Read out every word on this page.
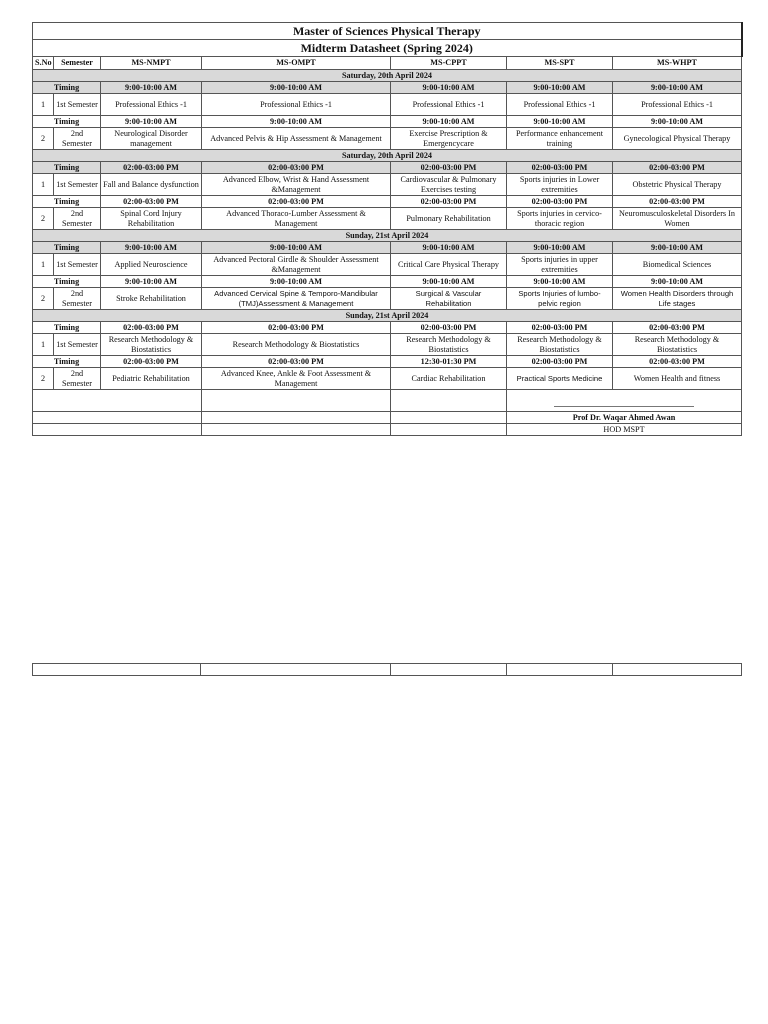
Master of Sciences Physical Therapy						
Midterm Datasheet (Spring 2024)						
S.No	Semester	MS-NMPT	MS-OMPT	MS-CPPT	MS-SPT	MS-WHPT
Saturday, 20th April 2024						
Timing		9:00-10:00 AM	9:00-10:00 AM	9:00-10:00 AM	9:00-10:00 AM	9:00-10:00 AM
1	1st Semester	Professional Ethics -1	Professional Ethics -1	Professional Ethics -1	Professional Ethics -1	Professional Ethics -1
Timing		9:00-10:00 AM	9:00-10:00 AM	9:00-10:00 AM	9:00-10:00 AM	9:00-10:00 AM
2	2nd Semester	Neurological Disorder management	Advanced Pelvis & Hip Assessment & Management	Exercise Prescription & Emergencycare	Performance enhancement training	Gynecological Physical Therapy
Saturday, 20th April 2024						
Timing		02:00-03:00 PM	02:00-03:00 PM	02:00-03:00 PM	02:00-03:00 PM	02:00-03:00 PM
1	1st Semester	Fall and Balance dysfunction	Advanced Elbow, Wrist & Hand Assessment &Management	Cardiovascular & Pulmonary Exercises testing	Sports injuries in Lower extremities	Obstetric Physical Therapy
Timing		02:00-03:00 PM	02:00-03:00 PM	02:00-03:00 PM	02:00-03:00 PM	02:00-03:00 PM
2	2nd Semester	Spinal Cord Injury Rehabilitation	Advanced Thoraco-Lumber Assessment & Management	Pulmonary Rehabilitation	Sports injuries in cervico-thoracic region	Neuromusculoskeletal Disorders In Women
Sunday, 21st April 2024						
Timing		9:00-10:00 AM	9:00-10:00 AM	9:00-10:00 AM	9:00-10:00 AM	9:00-10:00 AM
1	1st Semester	Applied Neuroscience	Advanced Pectoral Girdle & Shoulder Assessment &Management	Critical Care Physical Therapy	Sports injuries in upper extremities	Biomedical Sciences
Timing		9:00-10:00 AM	9:00-10:00 AM	9:00-10:00 AM	9:00-10:00 AM	9:00-10:00 AM
2	2nd Semester	Stroke Rehabilitation	Advanced Cervical Spine & Temporo-Mandibular (TMJ)Assessment & Management	Surgical & Vascular Rehabilitation	Sports Injuries of lumbo-pelvic region	Women Health Disorders through Life stages
Sunday, 21st April 2024						
Timing		02:00-03:00 PM	02:00-03:00 PM	02:00-03:00 PM	02:00-03:00 PM	02:00-03:00 PM
1	1st Semester	Research Methodology & Biostatistics	Research Methodology & Biostatistics	Research Methodology & Biostatistics	Research Methodology & Biostatistics	Research Methodology & Biostatistics
Timing		02:00-03:00 PM	02:00-03:00 PM	12:30-01:30 PM	02:00-03:00 PM	02:00-03:00 PM
2	2nd Semester	Pediatric Rehabilitation	Advanced Knee, Ankle & Foot Assessment & Management	Cardiac Rehabilitation	Practical Sports Medicine	Women Health and fitness

					Prof Dr. Waqar Ahmed Awan	
					HOD MSPT	
